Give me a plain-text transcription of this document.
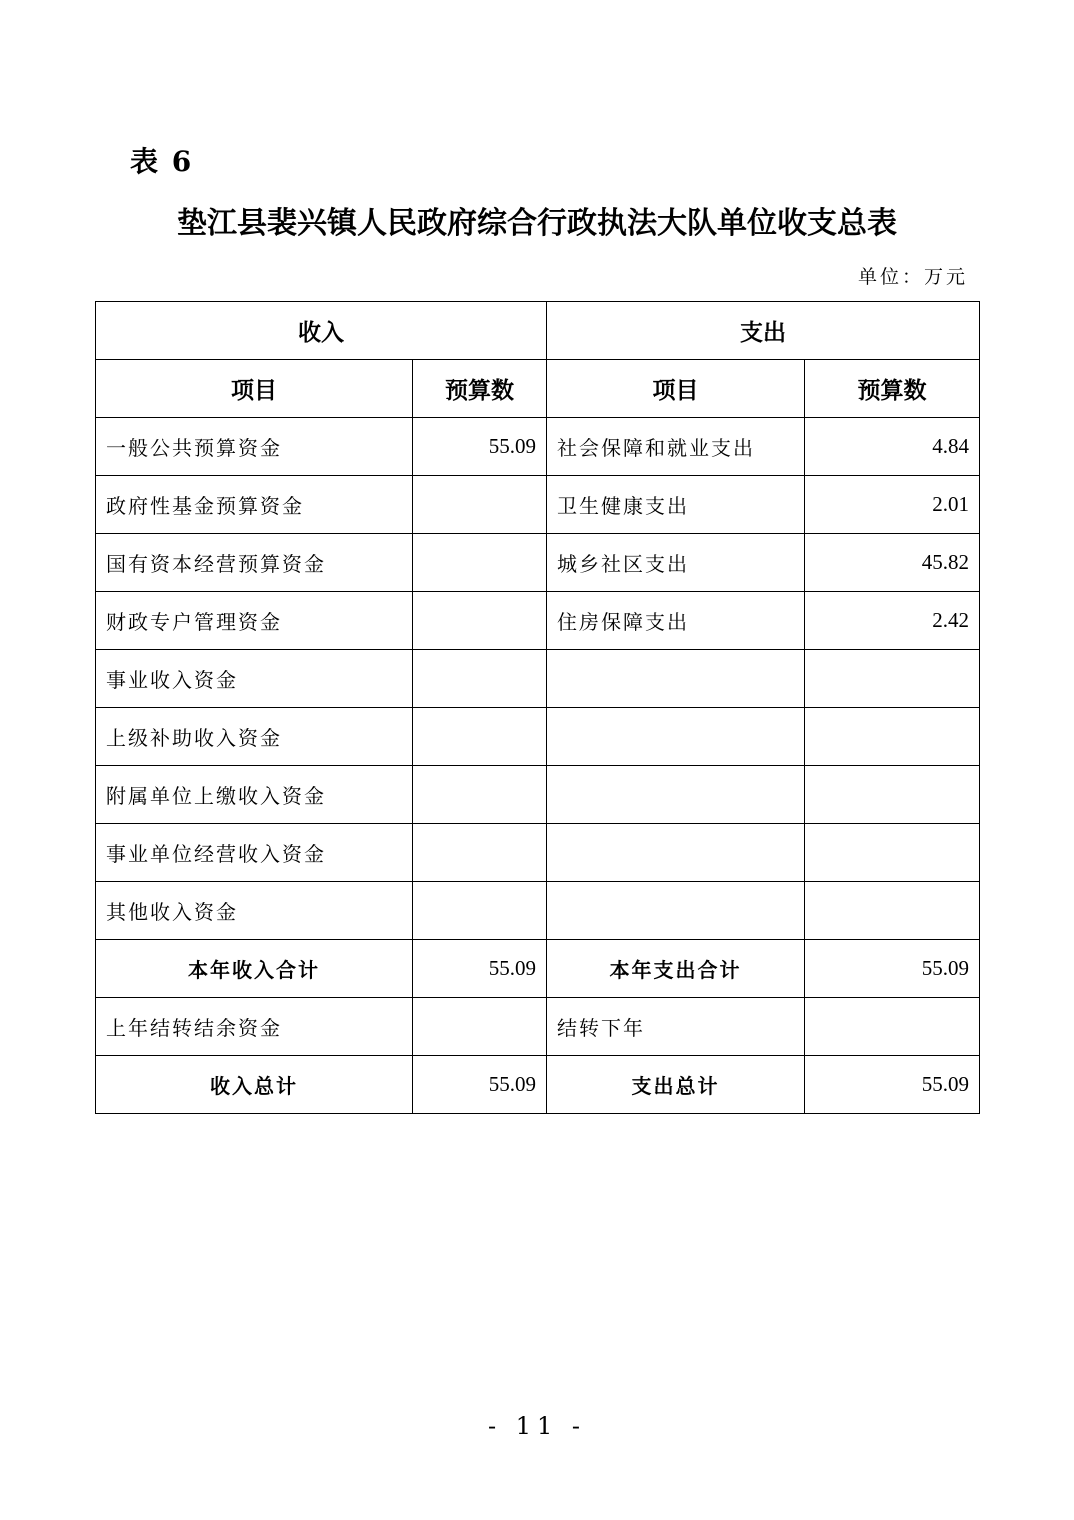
表 6
垫江县裴兴镇人民政府综合行政执法大队单位收支总表
单位：万元
收入		支出	
项目	预算数	项目	预算数
一般公共预算资金	55.09	社会保障和就业支出	4.84
政府性基金预算资金		卫生健康支出	2.01
国有资本经营预算资金		城乡社区支出	45.82
财政专户管理资金		住房保障支出	2.42
事业收入资金			
上级补助收入资金			
附属单位上缴收入资金			
事业单位经营收入资金			
其他收入资金			
本年收入合计	55.09	本年支出合计	55.09
上年结转结余资金		结转下年	
收入总计	55.09	支出总计	55.09
- 11 -
